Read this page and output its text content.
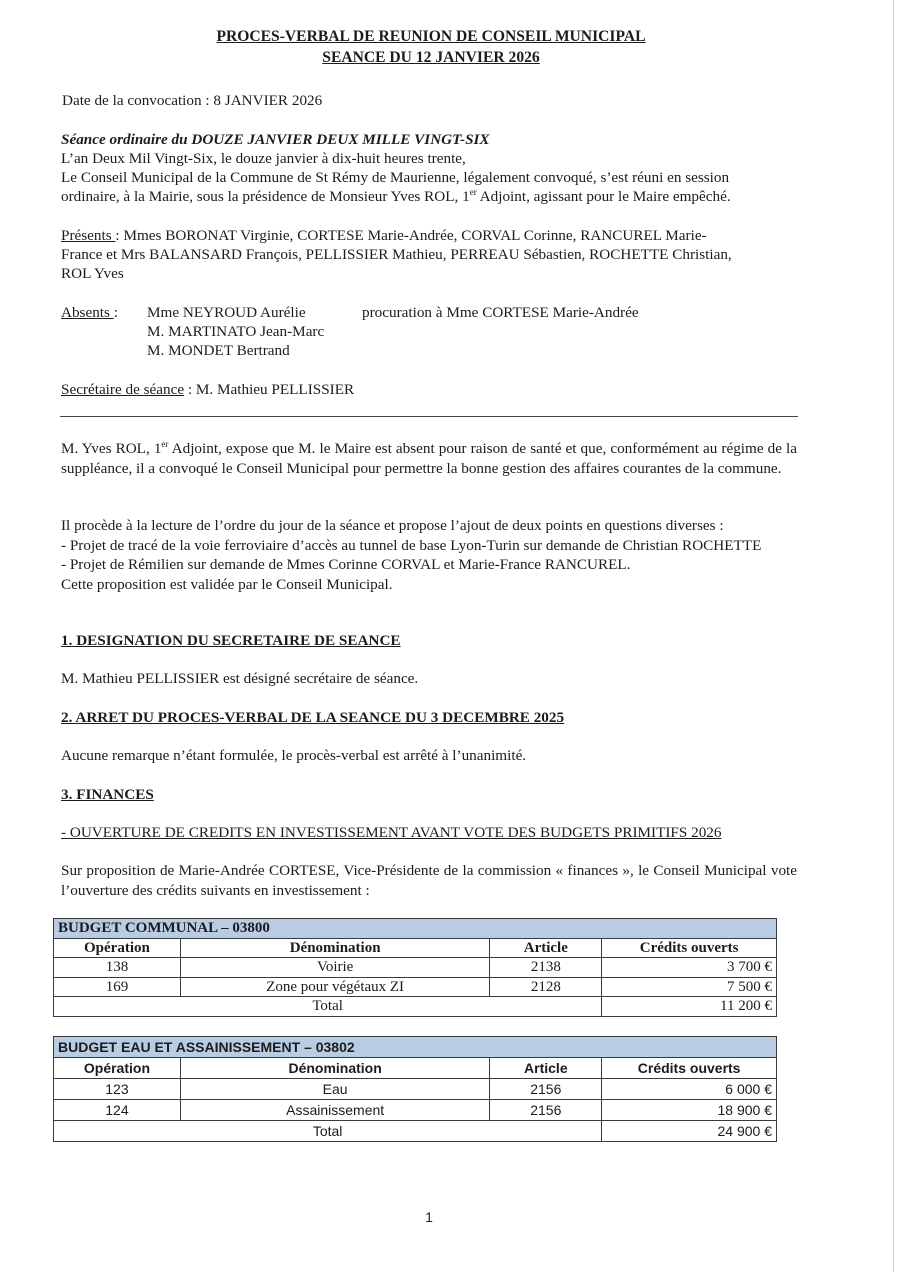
PROCES-VERBAL DE REUNION DE CONSEIL MUNICIPAL
SEANCE DU 12 JANVIER 2026
Date de la convocation : 8 JANVIER 2026
Séance ordinaire du DOUZE JANVIER DEUX MILLE VINGT-SIX
L’an Deux Mil Vingt-Six, le douze janvier à dix-huit heures trente,
Le Conseil Municipal de la Commune de St Rémy de Maurienne, légalement convoqué, s’est réuni en session
ordinaire, à la Mairie, sous la présidence de Monsieur Yves ROL, 1er Adjoint, agissant pour le Maire empêché.
Présents : Mmes BORONAT Virginie, CORTESE Marie-Andrée, CORVAL Corinne, RANCUREL Marie-
France et Mrs BALANSARD François, PELLISSIER Mathieu, PERREAU Sébastien, ROCHETTE Christian,
ROL Yves
Absents : Mme NEYROUD Aurélie	procuration à Mme CORTESE Marie-Andrée
M. MARTINATO Jean-Marc
M. MONDET Bertrand
Secrétaire de séance : M. Mathieu PELLISSIER
M. Yves ROL, 1er Adjoint, expose que M. le Maire est absent pour raison de santé et que, conformément au régime de la suppléance, il a convoqué le Conseil Municipal pour permettre la bonne gestion des affaires courantes de la commune.
Il procède à la lecture de l’ordre du jour de la séance et propose l’ajout de deux points en questions diverses :
- Projet de tracé de la voie ferroviaire d’accès au tunnel de base Lyon-Turin sur demande de Christian ROCHETTE
- Projet de Rémilien sur demande de Mmes Corinne CORVAL et Marie-France RANCUREL.
Cette proposition est validée par le Conseil Municipal.
1. DESIGNATION DU SECRETAIRE DE SEANCE
M. Mathieu PELLISSIER est désigné secrétaire de séance.
2. ARRET DU PROCES-VERBAL DE LA SEANCE DU 3 DECEMBRE 2025
Aucune remarque n’étant formulée, le procès-verbal est arrêté à l’unanimité.
3. FINANCES
- OUVERTURE DE CREDITS EN INVESTISSEMENT AVANT VOTE DES BUDGETS PRIMITIFS 2026
Sur proposition de Marie-Andrée CORTESE, Vice-Présidente de la commission « finances », le Conseil Municipal vote l’ouverture des crédits suivants en investissement :
BUDGET COMMUNAL – 03800			
Opération	Dénomination	Article	Crédits ouverts
138	Voirie	2138	3 700 €
169	Zone pour végétaux ZI	2128	7 500 €
Total			11 200 €
BUDGET EAU ET ASSAINISSEMENT – 03802			
Opération	Dénomination	Article	Crédits ouverts
123	Eau	2156	6 000 €
124	Assainissement	2156	18 900 €
Total			24 900 €
1
